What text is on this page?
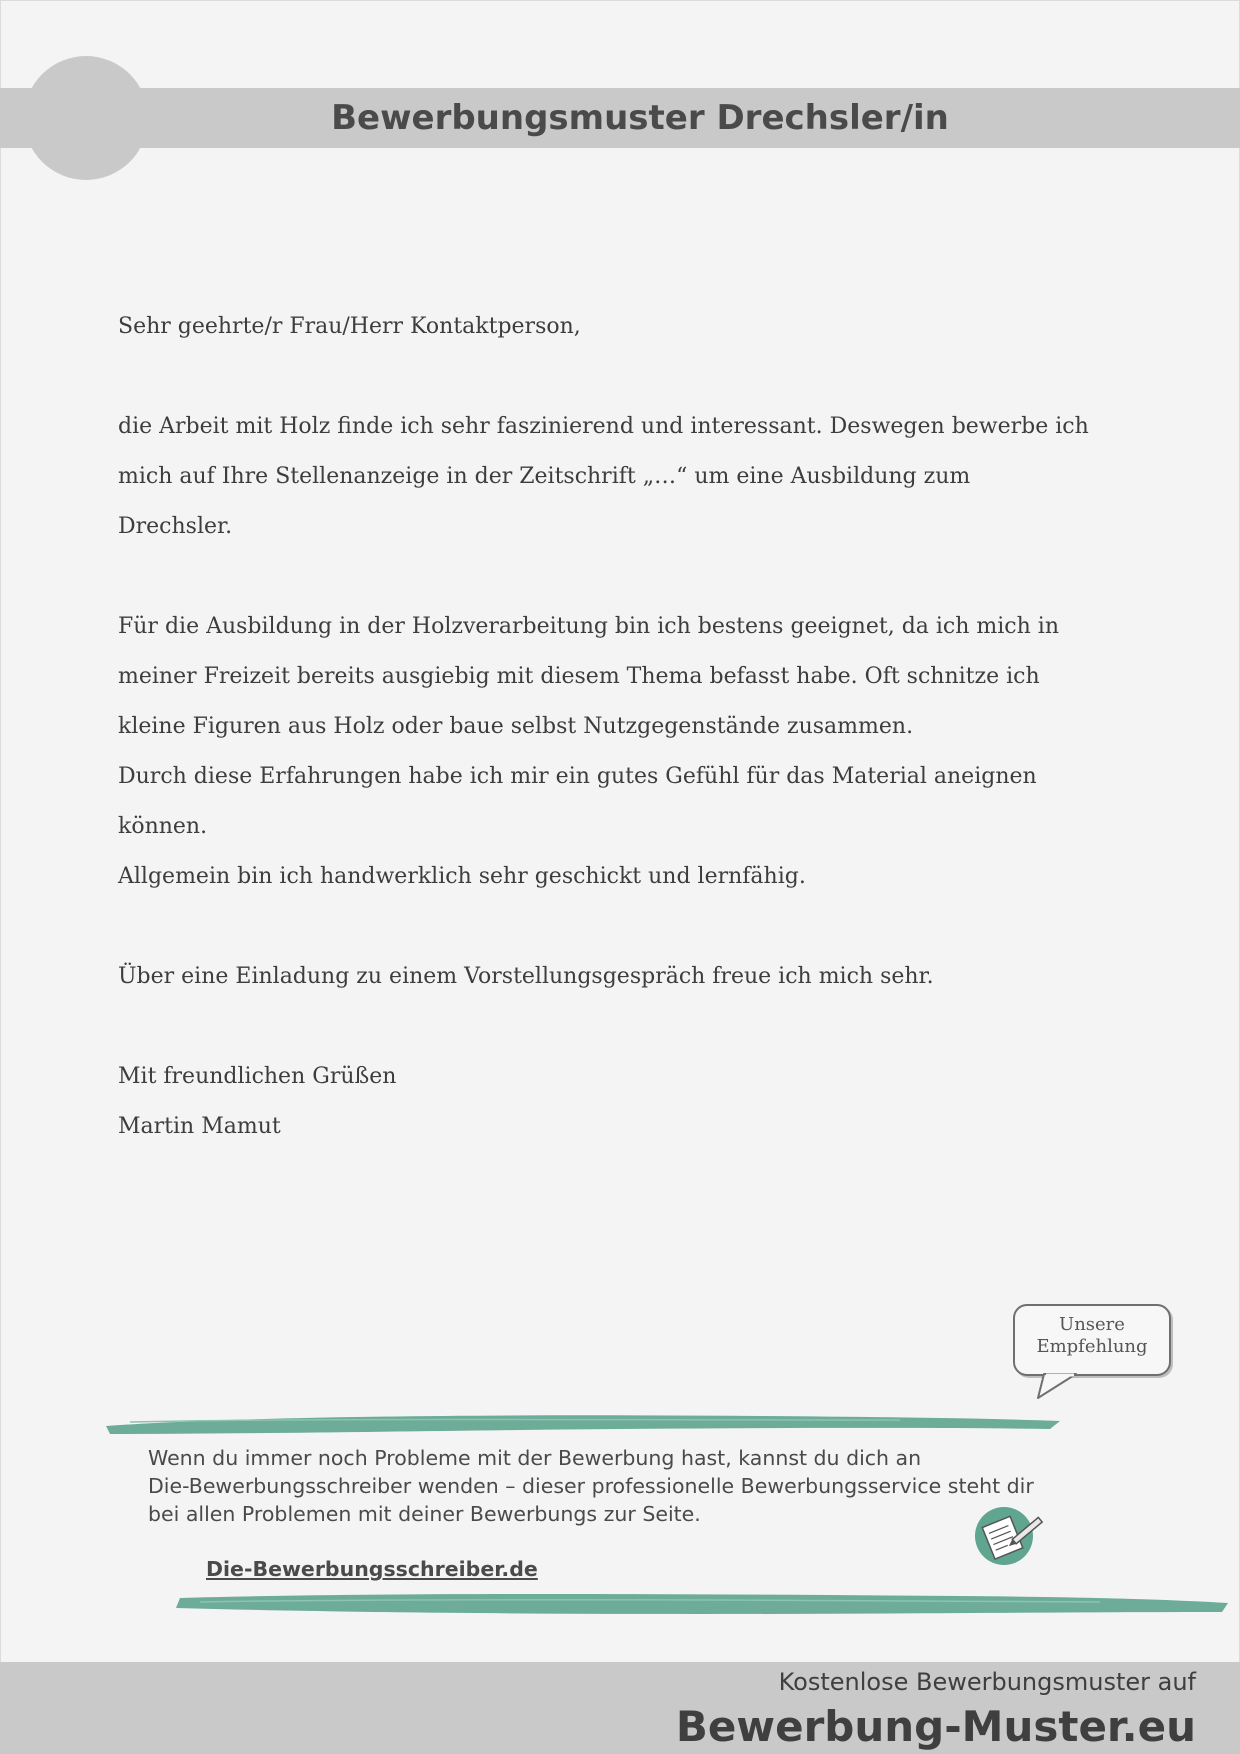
Bewerbungsmuster Drechsler/in
Sehr geehrte/r Frau/Herr Kontaktperson,
die Arbeit mit Holz finde ich sehr faszinierend und interessant. Deswegen bewerbe ich
mich auf Ihre Stellenanzeige in der Zeitschrift „…“ um eine Ausbildung zum
Drechsler.
Für die Ausbildung in der Holzverarbeitung bin ich bestens geeignet, da ich mich in
meiner Freizeit bereits ausgiebig mit diesem Thema befasst habe. Oft schnitze ich
kleine Figuren aus Holz oder baue selbst Nutzgegenstände zusammen.
Durch diese Erfahrungen habe ich mir ein gutes Gefühl für das Material aneignen
können.
Allgemein bin ich handwerklich sehr geschickt und lernfähig.
Über eine Einladung zu einem Vorstellungsgespräch freue ich mich sehr.
Mit freundlichen Grüßen
Martin Mamut
Unsere
Empfehlung
Wenn du immer noch Probleme mit der Bewerbung hast, kannst du dich an
Die-Bewerbungsschreiber wenden – dieser professionelle Bewerbungsservice steht dir
bei allen Problemen mit deiner Bewerbungs zur Seite.
Die-Bewerbungsschreiber.de
Kostenlose Bewerbungsmuster auf
Bewerbung-Muster.eu
